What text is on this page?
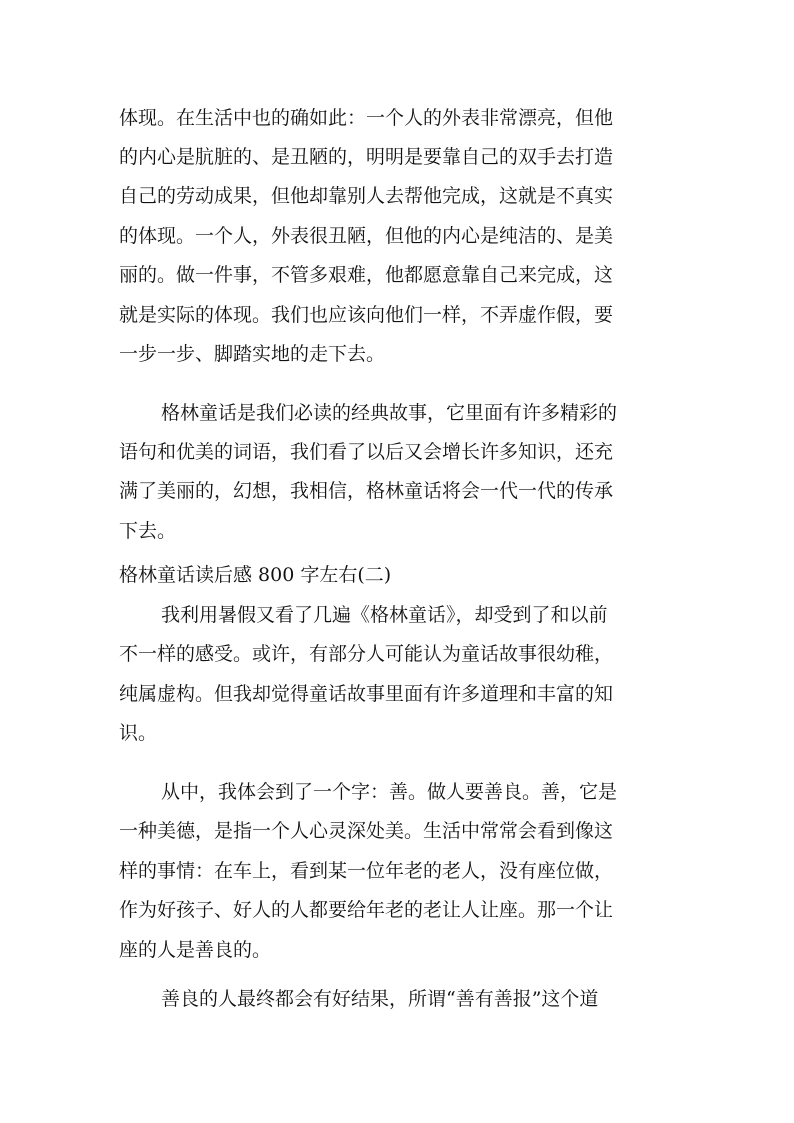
体现。在生活中也的确如此：一个人的外表非常漂亮，但他
的内心是肮脏的、是丑陋的，明明是要靠自己的双手去打造
自己的劳动成果，但他却靠别人去帮他完成，这就是不真实
的体现。一个人，外表很丑陋，但他的内心是纯洁的、是美
丽的。做一件事，不管多艰难，他都愿意靠自己来完成，这
就是实际的体现。我们也应该向他们一样，不弄虚作假，要
一步一步、脚踏实地的走下去。
格林童话是我们必读的经典故事，它里面有许多精彩的
语句和优美的词语，我们看了以后又会增长许多知识，还充
满了美丽的，幻想，我相信，格林童话将会一代一代的传承
下去。
格林童话读后感 800 字左右(二)
我利用暑假又看了几遍《格林童话》，却受到了和以前
不一样的感受。或许，有部分人可能认为童话故事很幼稚，
纯属虚构。但我却觉得童话故事里面有许多道理和丰富的知
识。
从中，我体会到了一个字：善。做人要善良。善，它是
一种美德，是指一个人心灵深处美。生活中常常会看到像这
样的事情：在车上，看到某一位年老的老人，没有座位做，
作为好孩子、好人的人都要给年老的老让人让座。那一个让
座的人是善良的。
善良的人最终都会有好结果，所谓“善有善报”这个道
